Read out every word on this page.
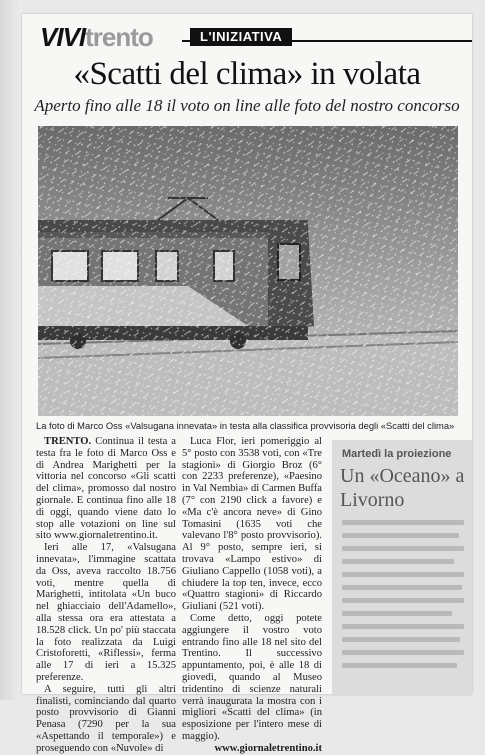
VIVI trento	L'INIZIATIVA
«Scatti del clima» in volata
Aperto fino alle 18 il voto on line alle foto del nostro concorso
La foto di Marco Oss «Valsugana innevata» in testa alla classifica provvisoria degli «Scatti del clima»

TRENTO. Continua il testa a testa fra le foto di Marco Oss e di Andrea Marighetti per la vittoria nel concorso «Gli scatti del clima», promosso dal nostro giornale. E continua fino alle 18 di oggi, quando viene dato lo stop alle votazioni on line sul sito www.giornaletrentino.it.

Ieri alle 17, «Valsugana innevata», l'immagine scattata da Oss, aveva raccolto 18.756 voti, mentre quella di Marighetti, intitolata «Un buco nel ghiacciaio dell'Adamello», alla stessa ora era attestata a 18.528 click. Un po' più staccata la foto realizzata da Luigi Cristoforetti, «Riflessi», ferma alle 17 di ieri a 15.325 preferenze.

A seguire, tutti gli altri finalisti, cominciando dal quarto posto provvisorio di Gianni Penasa (7290 per la sua «Aspettando il temporale») e proseguendo con «Nuvole» di

Luca Flor, ieri pomeriggio al 5° posto con 3538 voti, con «Tre stagioni» di Giorgio Broz (6° con 2233 preferenze), «Paesino in Val Nembia» di Carmen Buffa (7° con 2190 click a favore) e «Ma c'è ancora neve» di Gino Tomasini (1635 voti che valevano l'8° posto provvisorio). Al 9° posto, sempre ieri, si trovava «Lampo estivo» di Giuliano Cappello (1058 voti), a chiudere la top ten, invece, ecco «Quattro stagioni» di Riccardo Giuliani (521 voti).

Come detto, oggi potete aggiungere il vostro voto entrando fino alle 18 nel sito del Trentino. Il successivo appuntamento, poi, è alle 18 di giovedì, quando al Museo tridentino di scienze naturali verrà inaugurata la mostra con i migliori «Scatti del clima» (in esposizione per l'intero mese di maggio).

www.giornaletrentino.it
Martedì la proiezione
Un «Oceano» a Livorno
